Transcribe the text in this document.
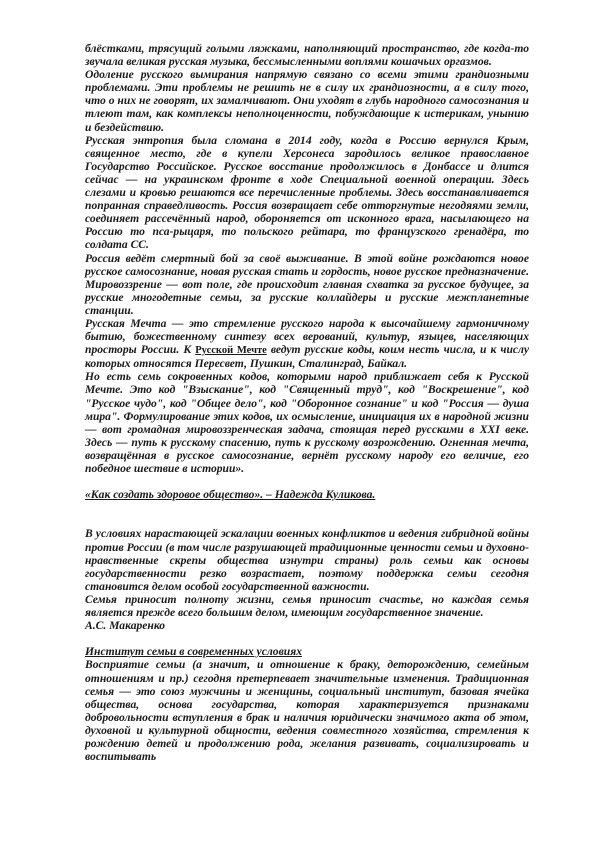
блёстками, трясущий голыми ляжками, наполняющий пространство, где когда-то звучала великая русская музыка, бессмысленными воплями кошачьих оргазмов.

Одоление русского вымирания напрямую связано со всеми этими грандиозными проблемами. Эти проблемы не решить не в силу их грандиозности, а в силу того, что о них не говорят, их замалчивают. Они уходят в глубь народного самосознания и тлеют там, как комплексы неполноценности, побуждающие к истерикам, унынию и бездействию.

Русская энтропия была сломана в 2014 году, когда в Россию вернулся Крым, священное место, где в купели Херсонеса зародилось великое православное Государство Российское. Русское восстание продолжилось в Донбассе и длится сейчас — на украинском фронте в ходе Специальной военной операции. Здесь слезами и кровью решаются все перечисленные проблемы. Здесь восстанавливается попранная справедливость. Россия возвращает себе отторгнутые негодяями земли, соединяет рассечённый народ, обороняется от исконного врага, насылающего на Россию то пса-рыцаря, то польского рейтара, то французского гренадёра, то солдата СС.

Россия ведёт смертный бой за своё выживание. В этой войне рождаются новое русское самосознание, новая русская стать и гордость, новое русское предназначение. Мировоззрение — вот поле, где происходит главная схватка за русское будущее, за русские многодетные семьи, за русские коллайдеры и русские межпланетные станции.

Русская Мечта — это стремление русского народа к высочайшему гармоничному бытию, божественному синтезу всех верований, культур, языцев, населяющих просторы России. К Русской Мечте ведут русские коды, коим несть числа, и к числу которых относятся Пересвет, Пушкин, Сталинград, Байкал.

Но есть семь сокровенных кодов, которыми народ приближает себя к Русской Мечте. Это код "Взыскание", код "Священный труд", код "Воскрешение", код "Русское чудо", код "Общее дело", код "Оборонное сознание" и код "Россия — душа мира". Формулирование этих кодов, их осмысление, инициация их в народной жизни — вот громадная мировоззренческая задача, стоящая перед русскими в XXI веке. Здесь — путь к русскому спасению, путь к русскому возрождению. Огненная мечта, возвращённая в русское самосознание, вернёт русскому народу его величие, его победное шествие в истории».

«Как создать здоровое общество». – Надежда Куликова.

В условиях нарастающей эскалации военных конфликтов и ведения гибридной войны против России (в том числе разрушающей традиционные ценности семьи и духовно-нравственные скрепы общества изнутри страны) роль семьи как основы государственности резко возрастает, поэтому поддержка семьи сегодня становится делом особой государственной важности.

Семья приносит полноту жизни, семья приносит счастье, но каждая семья является прежде всего большим делом, имеющим государственное значение.

А.С. Макаренко

Институт семьи в современных условиях

Восприятие семьи (а значит, и отношение к браку, деторождению, семейным отношениям и пр.) сегодня претерпевает значительные изменения. Традиционная семья — это союз мужчины и женщины, социальный институт, базовая ячейка общества, основа государства, которая характеризуется признаками добровольности вступления в брак и наличия юридически значимого акта об этом, духовной и культурной общности, ведения совместного хозяйства, стремления к рождению детей и продолжению рода, желания развивать, социализировать и воспитывать
